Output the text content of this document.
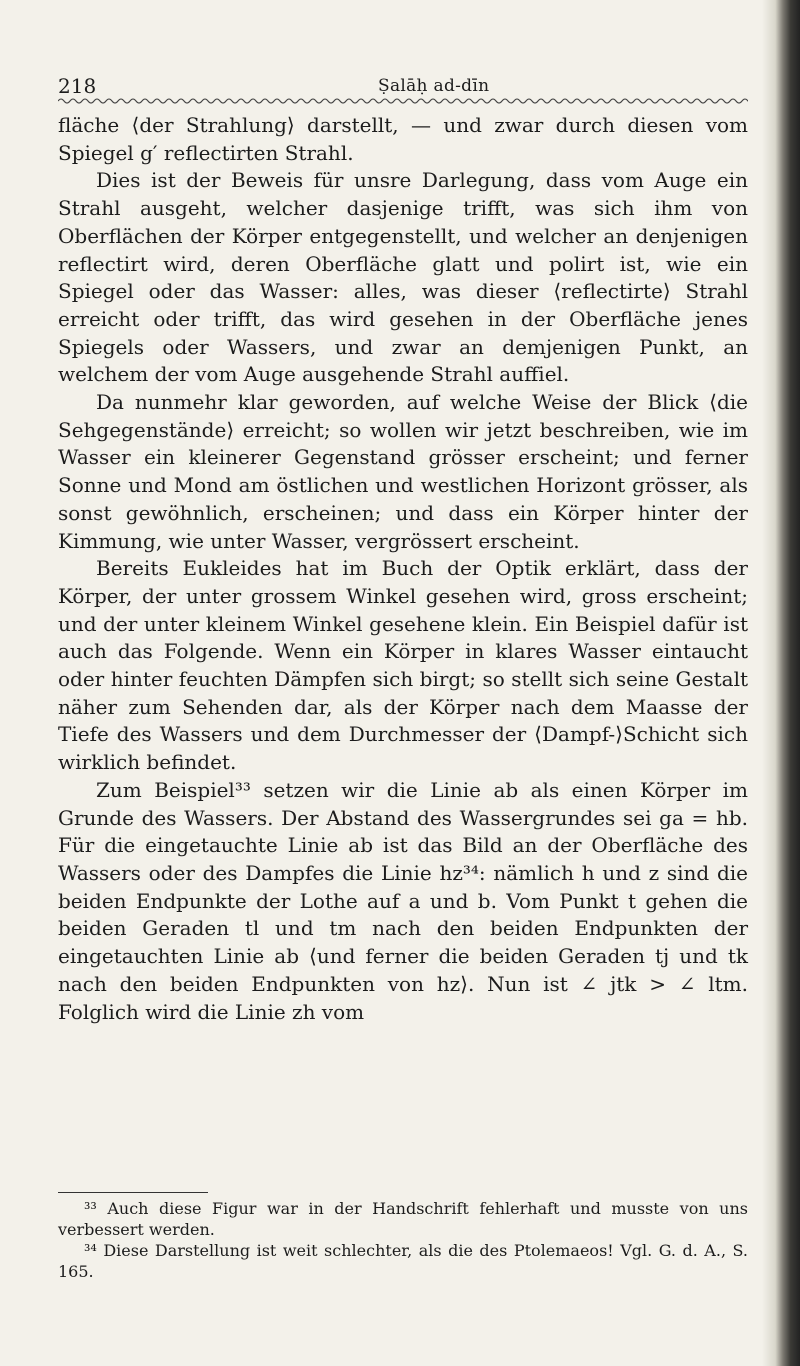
218	Ṣalāḥ ad-dīn

fläche ⟨der Strahlung⟩ darstellt, — und zwar durch diesen vom Spiegel g′ reflectirten Strahl.

Dies ist der Beweis für unsre Darlegung, dass vom Auge ein Strahl ausgeht, welcher dasjenige trifft, was sich ihm von Oberflächen der Körper entgegenstellt, und welcher an denjenigen reflectirt wird, deren Oberfläche glatt und polirt ist, wie ein Spiegel oder das Wasser: alles, was dieser ⟨reflectirte⟩ Strahl erreicht oder trifft, das wird gesehen in der Oberfläche jenes Spiegels oder Wassers, und zwar an demjenigen Punkt, an welchem der vom Auge ausgehende Strahl auffiel.

Da nunmehr klar geworden, auf welche Weise der Blick ⟨die Sehgegenstände⟩ erreicht; so wollen wir jetzt beschreiben, wie im Wasser ein kleinerer Gegenstand grösser erscheint; und ferner Sonne und Mond am östlichen und westlichen Horizont grösser, als sonst gewöhnlich, erscheinen; und dass ein Körper hinter der Kimmung, wie unter Wasser, vergrössert erscheint.

Bereits Eukleides hat im Buch der Optik erklärt, dass der Körper, der unter grossem Winkel gesehen wird, gross erscheint; und der unter kleinem Winkel gesehene klein. Ein Beispiel dafür ist auch das Folgende. Wenn ein Körper in klares Wasser eintaucht oder hinter feuchten Dämpfen sich birgt; so stellt sich seine Gestalt näher zum Sehenden dar, als der Körper nach dem Maasse der Tiefe des Wassers und dem Durchmesser der ⟨Dampf-⟩Schicht sich wirklich befindet.

Zum Beispiel³³ setzen wir die Linie ab als einen Körper im Grunde des Wassers. Der Abstand des Wassergrundes sei ga = hb. Für die eingetauchte Linie ab ist das Bild an der Oberfläche des Wassers oder des Dampfes die Linie hz³⁴: nämlich h und z sind die beiden Endpunkte der Lothe auf a und b. Vom Punkt t gehen die beiden Geraden tl und tm nach den beiden Endpunkten der eingetauchten Linie ab ⟨und ferner die beiden Geraden tj und tk nach den beiden Endpunkten von hz⟩. Nun ist ∠ jtk > ∠ ltm. Folglich wird die Linie zh vom

³³ Auch diese Figur war in der Handschrift fehlerhaft und musste von uns verbessert werden.

³⁴ Diese Darstellung ist weit schlechter, als die des Ptolemaeos! Vgl. G. d. A., S. 165.
